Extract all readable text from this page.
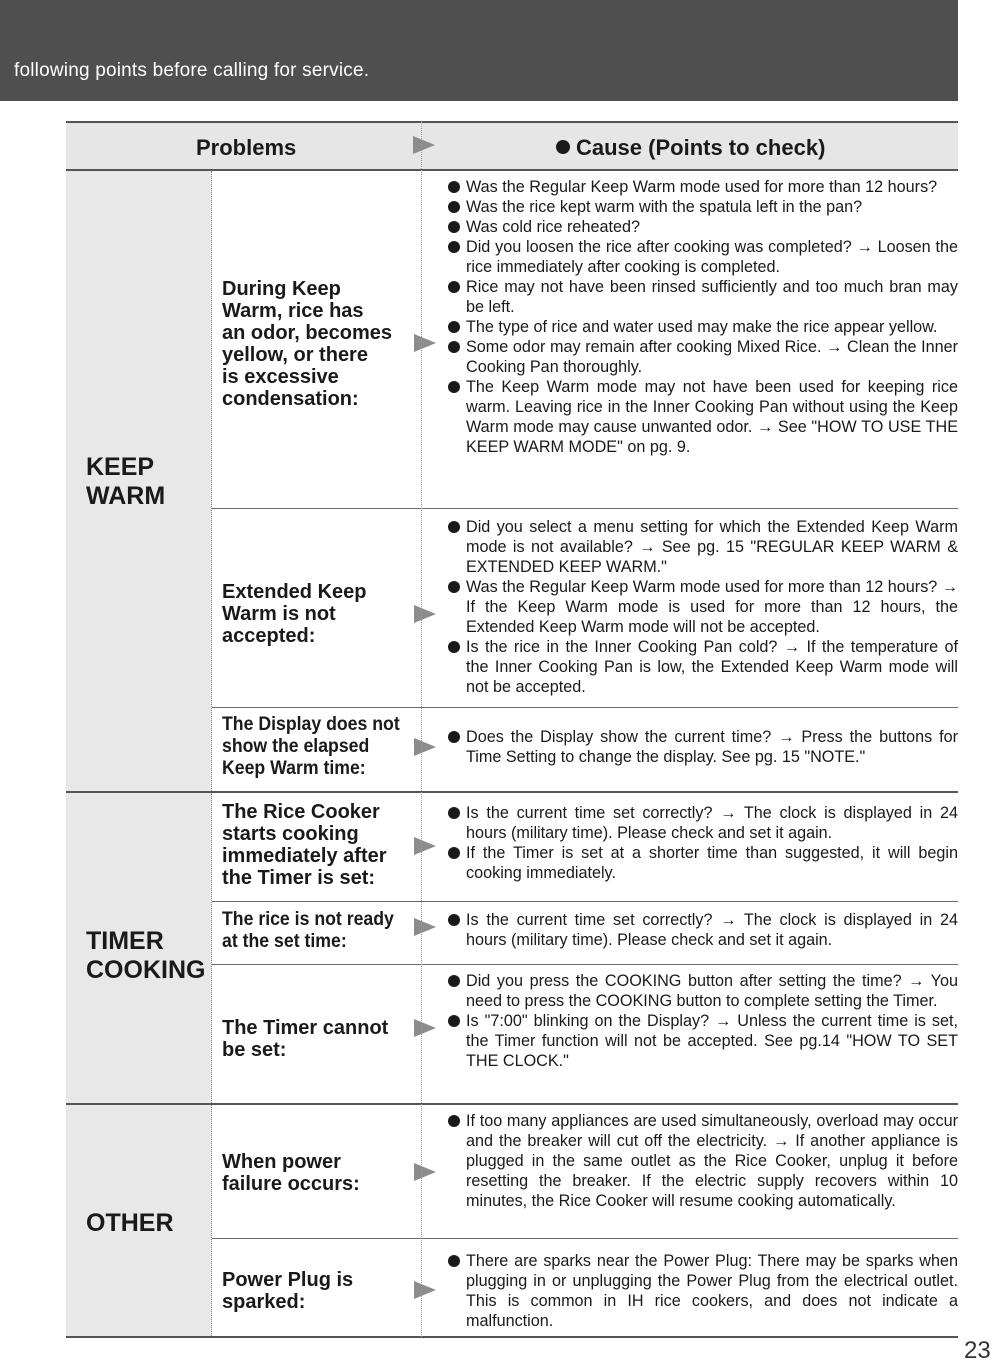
following points before calling for service.
Problems	Cause (Points to check)
KEEP
WARM
During Keep
Warm, rice has
an odor, becomes
yellow, or there
is excessive
condensation:

Was the Regular Keep Warm mode used for more than 12 hours?

Was the rice kept warm with the spatula left in the pan?

Was cold rice reheated?

Did you loosen the rice after cooking was completed? → Loosen the rice immediately after cooking is completed.

Rice may not have been rinsed sufficiently and too much bran may be left.

The type of rice and water used may make the rice appear yellow.

Some odor may remain after cooking Mixed Rice. → Clean the Inner Cooking Pan thoroughly.

The Keep Warm mode may not have been used for keeping rice warm. Leaving rice in the Inner Cooking Pan without using the Keep Warm mode may cause unwanted odor. → See "HOW TO USE THE KEEP WARM MODE" on pg. 9.

Extended Keep
Warm is not
accepted:

Did you select a menu setting for which the Extended Keep Warm mode is not available? → See pg. 15 "REGULAR KEEP WARM & EXTENDED KEEP WARM."

Was the Regular Keep Warm mode used for more than 12 hours? → If the Keep Warm mode is used for more than 12 hours, the Extended Keep Warm mode will not be accepted.

Is the rice in the Inner Cooking Pan cold? → If the temperature of the Inner Cooking Pan is low, the Extended Keep Warm mode will not be accepted.

The Display does not
show the elapsed
Keep Warm time:

Does the Display show the current time? → Press the buttons for Time Setting to change the display. See pg. 15 "NOTE."

TIMER
COOKING
The Rice Cooker
starts cooking
immediately after
the Timer is set:

Is the current time set correctly? → The clock is displayed in 24 hours (military time). Please check and set it again.

If the Timer is set at a shorter time than suggested, it will begin cooking immediately.

The rice is not ready
at the set time:

Is the current time set correctly? → The clock is displayed in 24 hours (military time). Please check and set it again.

The Timer cannot
be set:

Did you press the COOKING button after setting the time? → You need to press the COOKING button to complete setting the Timer.

Is "7:00" blinking on the Display? → Unless the current time is set, the Timer function will not be accepted. See pg.14 "HOW TO SET THE CLOCK."

OTHER
When power
failure occurs:

If too many appliances are used simultaneously, overload may occur and the breaker will cut off the electricity. → If another appliance is plugged in the same outlet as the Rice Cooker, unplug it before resetting the breaker. If the electric supply recovers within 10 minutes, the Rice Cooker will resume cooking automatically.

Power Plug is
sparked:

There are sparks near the Power Plug: There may be sparks when plugging in or unplugging the Power Plug from the electrical outlet. This is common in IH rice cookers, and does not indicate a malfunction.

23
